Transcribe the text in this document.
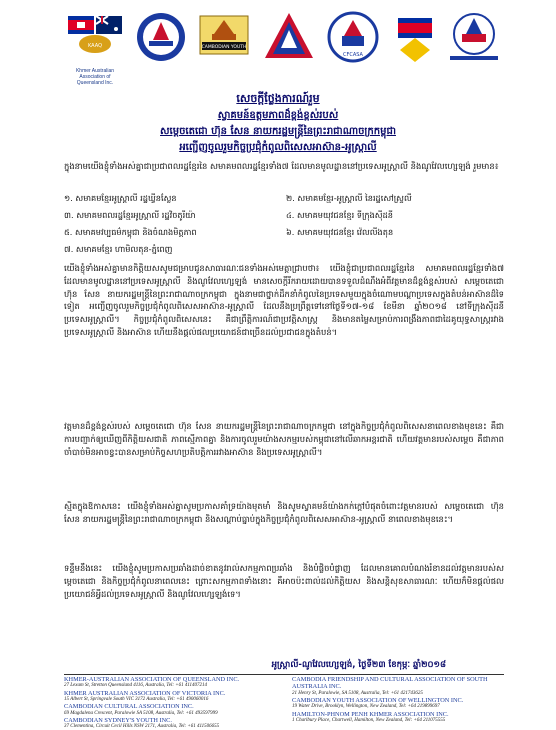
KAAQ
Khmer Australian Association of Queensland Inc.
CAMBODIAN YOUTH
CFCASA
សេចក្តីថ្លែងការណ៍រួម
ស្វាគមន៍ឧត្តមភាពដ៏ខ្ពង់ខ្ពស់របស់
សម្តេចតេជោ ហ៊ុន សែន នាយករដ្ឋមន្ត្រីនៃព្រះរាជាណាចក្រកម្ពុជា
អញ្ជើញចូលរួមកិច្ចប្រជុំកំពូលពិសេសអាស៊ាន-អូស្ត្រាលី
ក្នុងនាមយើងខ្ញុំទាំងអស់គ្នាជាប្រជាពលរដ្ឋខ្មែរនៃ សមាគមពលរដ្ឋខ្មែរទាំង៧ ដែលមានមូលដ្ឋាននៅប្រទេសអូស្ត្រាលី និងណូវែលហ្សេឡង់ រួមមាន៖
១. សមាគមខ្មែរអូស្ត្រាលី រដ្ឋឃ្វីនស្លែន	២. សមាគមខ្មែរ-អូស្ត្រាលី នៃរដ្ឋសៅស្ទ្រលី
៣. សមាគមពលរដ្ឋខ្មែរអូស្ត្រាលី រដ្ឋវិចតូរីយ៉ា	៤. សមាគមយុវជនខ្មែរ ទីក្រុងស៊ីដនី
៥. សមាគមវប្បធម៌កម្ពុជា និងចំណងមិត្តភាព	៦. សមាគមយុវជនខ្មែរ វ៉េលលីងតុន
៧. សមាគមខ្មែរ ហាមិលតុន-ភ្នំពេញ
យើងខ្ញុំទាំងអស់គ្នាមានកិត្តិយសសូមជម្រាបជូនសាធារណៈជនទាំងអស់មេត្តាជ្រាបថា៖ យើងខ្ញុំជាប្រជាពលរដ្ឋខ្មែរនៃ សមាគមពលរដ្ឋខ្មែរទាំង៧ ដែលមានមូលដ្ឋាននៅប្រទេសអូស្ត្រាលី និងណូវែលហ្សេឡង់ មានសេចក្តីរីករាយដោយបានទទួលដំណឹងអំពីវត្តមានដ៏ខ្ពង់ខ្ពស់របស់ សម្តេចតេជោ ហ៊ុន សែន នាយករដ្ឋមន្ត្រីនៃព្រះរាជាណាចក្រកម្ពុជា ក្នុងនាមជាថ្នាក់ដឹកនាំកំពូលនៃប្រទេសមួយក្នុងចំណោមបណ្តាប្រទេសក្នុងតំបន់អាស៊ានដ៏ទៃទៀត អញ្ជើញចូលរួមកិច្ចប្រជុំកំពូលពិសេសអាស៊ាន-អូស្ត្រាលី ដែលនឹងប្រព្រឹត្តទៅនៅថ្ងៃទី១៧-១៨ ខែមីនា ឆ្នាំ២០១៨ នៅទីក្រុងស៊ីដនី ប្រទេសអូស្ត្រាលី។ កិច្ចប្រជុំកំពូលពិសេសនេះ គឺជាព្រឹត្តិការណ៍ជាប្រវត្តិសាស្ត្រ និងមានតម្លៃសម្រាប់ការពង្រឹងភាពជាដៃគូយុទ្ធសាស្ត្ររវាងប្រទេសអូស្ត្រាលី និងអាស៊ាន ហើយនឹងផ្តល់ផលប្រយោជន៍ជាច្រើនដល់ប្រជាជនក្នុងតំបន់។
វត្តមានដ៏ខ្ពង់ខ្ពស់របស់ សម្តេចតេជោ ហ៊ុន សែន នាយករដ្ឋមន្ត្រីនៃព្រះរាជាណាចក្រកម្ពុជា នៅក្នុងកិច្ចប្រជុំកំពូលពិសេសនាពេលខាងមុខនេះ គឺជាការបញ្ជាក់ឲ្យឃើញពីកិត្តិយសជាតិ ភាពស្មើភាពគ្នា និងការចូលរួមយ៉ាងសកម្មរបស់កម្ពុជានៅលើឆាកអន្តរជាតិ ហើយវត្តមានរបស់សម្តេច គឺជាភាពចាំបាច់មិនអាចខ្វះបានសម្រាប់កិច្ចសហប្រតិបត្តិការរវាងអាស៊ាន និងប្រទេសអូស្ត្រាលី។
ស្មិតក្នុងឱកាសនេះ យើងខ្ញុំទាំងអស់គ្នាសូមប្រកាសគាំទ្រយ៉ាងមុតមាំ និងសូមស្វាគមន៍យ៉ាងកក់ក្តៅបំផុតចំពោះវត្តមានរបស់ សម្តេចតេជោ ហ៊ុន សែន នាយករដ្ឋមន្ត្រីនៃព្រះរាជាណាចក្រកម្ពុជា និងសណ្តាប់ធ្នាប់ក្នុងកិច្ចប្រជុំកំពូលពិសេសអាស៊ាន-អូស្ត្រាលី នាពេលខាងមុខនេះ។
ទន្ទឹមនឹងនេះ យើងខ្ញុំសូមប្រកាសប្រឆាំងដាច់ខាតនូវរាល់សកម្មភាពប្រឆាំង និងបំផ្លិចបំផ្លាញ ដែលមានគោលបំណងរំខានដល់វត្តមានរបស់សម្តេចតេជោ និងកិច្ចប្រជុំកំពូលនាពេលនេះ ព្រោះសកម្មភាពទាំងនោះ គឺអាចប៉ះពាល់ដល់កិត្តិយស និងសន្តិសុខសាធារណៈ ហើយក៏មិនផ្តល់ផលប្រយោជន៍អ្វីដល់ប្រទេសអូស្ត្រាលី និងណូវែលហ្សេឡង់ទេ។
អូស្ត្រាលី-ណូវែលហ្សេឡង់, ថ្ងៃទី២៣ ខែកុម្ភៈ ឆ្នាំ២០១៨
KHMER-AUSTRALIAN ASSOCIATION OF QUEENSLAND INC.
27 Lexam St, Stretton Queensland 4116, Australia, Tel: +61 411407214
KHMER AUSTRALIAN ASSOCIATION OF VICTORIA INC.
15 Albert St, Springvale South VIC 3172 Australia, Tel: +61 490060016
CAMBODIAN CULTURAL ASSOCIATION INC.
69 Magdalena Crescent, Paralowie SA 5108, Australia, Tel: +61 493597999
CAMBODIAN SYDNEY'S YOUTH INC.
37 Clementina, Circuit Cecil Hills NSW 2171, Australia, Tel: +61 411506655
CAMBODIA FRIENDSHIP AND CULTURAL ASSOCIATION OF SOUTH AUSTRALIA INC.
21 Henry St, Paralowie, SA 5108, Australia, Tel: +61 421743625
CAMBODIAN YOUTH ASSOCIATION OF WELLINGTON INC.
19 Water Drive, Brooklyn, Wellington, New Zealand, Tel: +64 219899697
HAMILTON-PHNOM PENH KHMER ASSOCIATION INC.
1 Charlbury Place, Chartwell, Hamilton, New Zealand, Tel: +64 211075555
